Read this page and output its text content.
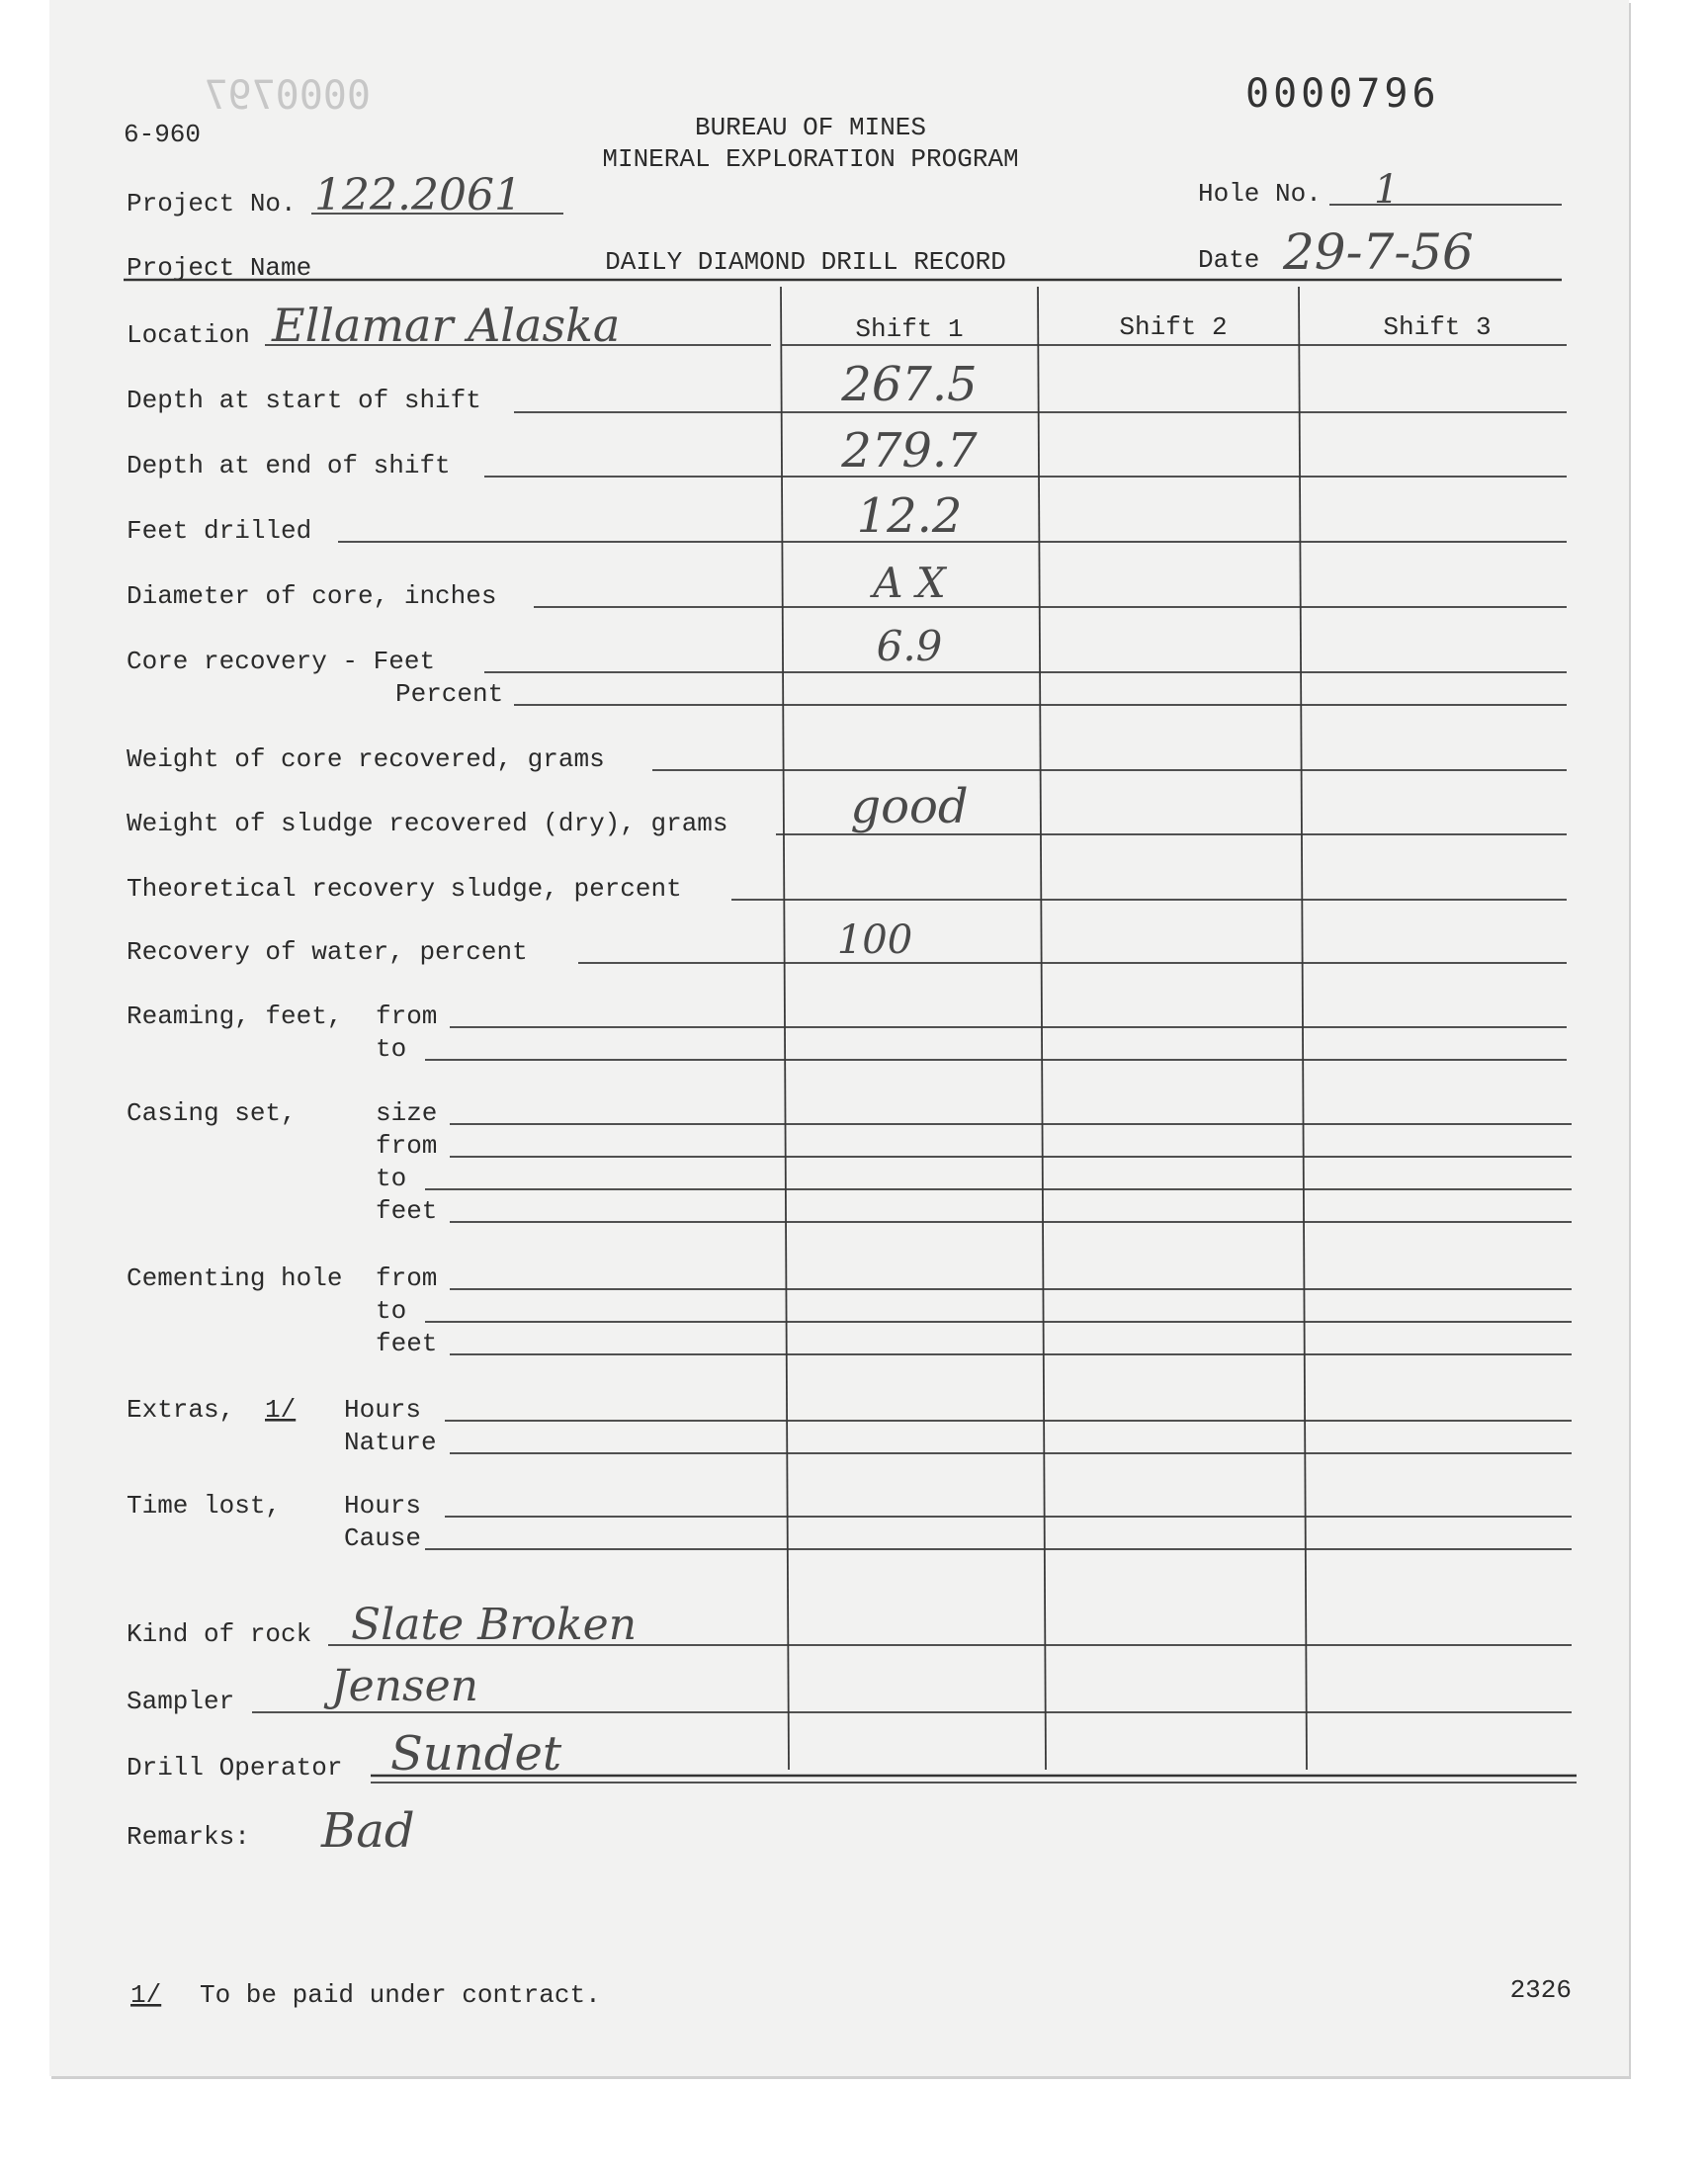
0000797
6-960
0000796
BUREAU OF MINES
MINERAL EXPLORATION PROGRAM
Project No. 122.2061	Hole No. 1
Project Name	DAILY DIAMOND DRILL RECORD	Date 29-7-56
Location Ellamar Alaska	Shift 1	Shift 2	Shift 3
Depth at start of shift	267.5
Depth at end of shift	279.7
Feet drilled	12.2
Diameter of core, inches	A X
Core recovery - Feet	6.9
Percent
Weight of core recovered, grams
Weight of sludge recovered (dry), grams	good
Theoretical recovery sludge, percent
Recovery of water, percent	100
Reaming, feet, from
to
Casing set,	size
from
to
feet
Cementing hole from
to
feet
Extras, 1/ Hours
Nature
Time lost, Hours
Cause
Kind of rock Slate Broken
Sampler Jensen
Drill Operator Sundet
Remarks: Bad
1/ To be paid under contract.	2326
